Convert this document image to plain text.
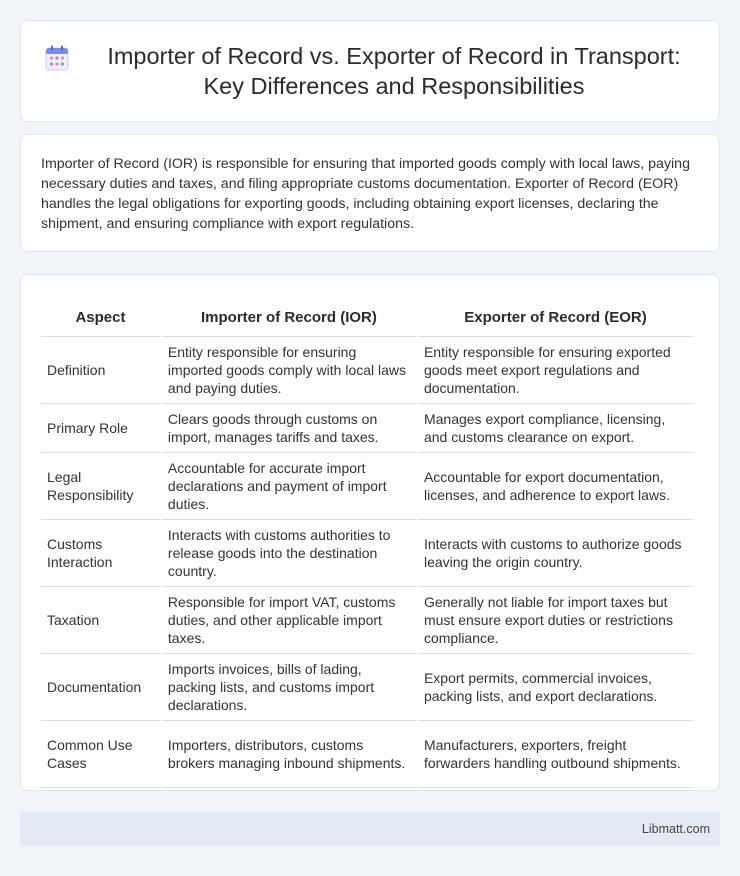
Importer of Record vs. Exporter of Record in Transport: Key Differences and Responsibilities

Importer of Record (IOR) is responsible for ensuring that imported goods comply with local laws, paying necessary duties and taxes, and filing appropriate customs documentation. Exporter of Record (EOR) handles the legal obligations for exporting goods, including obtaining export licenses, declaring the shipment, and ensuring compliance with export regulations.

Aspect	Importer of Record (IOR)	Exporter of Record (EOR)
Definition	Entity responsible for ensuring imported goods comply with local laws and paying duties.	Entity responsible for ensuring exported goods meet export regulations and documentation.
Primary Role	Clears goods through customs on import, manages tariffs and taxes.	Manages export compliance, licensing, and customs clearance on export.
Legal Responsibility	Accountable for accurate import declarations and payment of import duties.	Accountable for export documentation, licenses, and adherence to export laws.
Customs Interaction	Interacts with customs authorities to release goods into the destination country.	Interacts with customs to authorize goods leaving the origin country.
Taxation	Responsible for import VAT, customs duties, and other applicable import taxes.	Generally not liable for import taxes but must ensure export duties or restrictions compliance.
Documentation	Imports invoices, bills of lading, packing lists, and customs import declarations.	Export permits, commercial invoices, packing lists, and export declarations.
Common Use Cases	Importers, distributors, customs brokers managing inbound shipments.	Manufacturers, exporters, freight forwarders handling outbound shipments.
Libmatt.com
